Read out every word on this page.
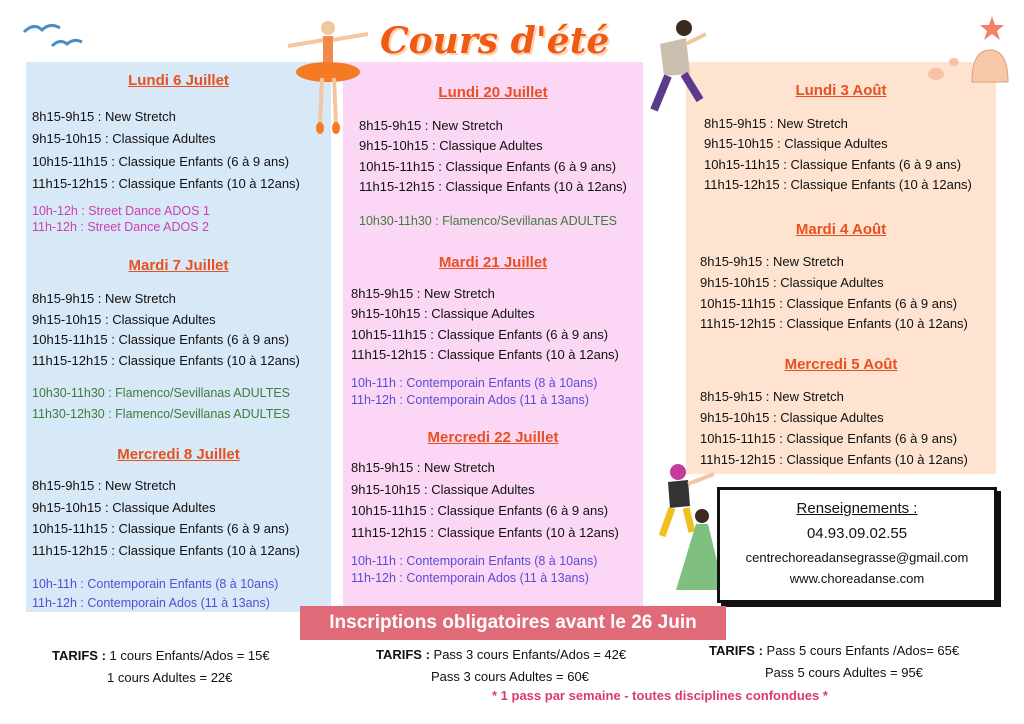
Cours d'été
Lundi 6 Juillet
8h15-9h15 : New Stretch
9h15-10h15 : Classique Adultes
10h15-11h15 : Classique Enfants (6 à 9 ans)
11h15-12h15 : Classique Enfants (10 à 12ans)
10h-12h : Street Dance ADOS 1
11h-12h : Street Dance ADOS 2
Mardi 7 Juillet
8h15-9h15 : New Stretch
9h15-10h15 : Classique Adultes
10h15-11h15 : Classique Enfants (6 à 9 ans)
11h15-12h15 : Classique Enfants (10 à 12ans)
10h30-11h30 : Flamenco/Sevillanas ADULTES
11h30-12h30 : Flamenco/Sevillanas ADULTES
Mercredi 8 Juillet
8h15-9h15 : New Stretch
9h15-10h15 : Classique Adultes
10h15-11h15 : Classique Enfants (6 à 9 ans)
11h15-12h15 : Classique Enfants (10 à 12ans)
10h-11h : Contemporain Enfants (8 à 10ans)
11h-12h : Contemporain Ados (11 à 13ans)
Lundi 20 Juillet
8h15-9h15 : New Stretch
9h15-10h15 : Classique Adultes
10h15-11h15 : Classique Enfants (6 à 9 ans)
11h15-12h15 : Classique Enfants (10 à 12ans)
10h30-11h30 : Flamenco/Sevillanas ADULTES
Mardi 21 Juillet
8h15-9h15 : New Stretch
9h15-10h15 : Classique Adultes
10h15-11h15 : Classique Enfants (6 à 9 ans)
11h15-12h15 : Classique Enfants (10 à 12ans)
10h-11h : Contemporain Enfants (8 à 10ans)
11h-12h : Contemporain Ados (11 à 13ans)
Mercredi 22 Juillet
8h15-9h15 : New Stretch
9h15-10h15 : Classique Adultes
10h15-11h15 : Classique Enfants (6 à 9 ans)
11h15-12h15 : Classique Enfants (10 à 12ans)
10h-11h : Contemporain Enfants (8 à 10ans)
11h-12h : Contemporain Ados (11 à 13ans)
Lundi 3 Août
8h15-9h15 : New Stretch
9h15-10h15 : Classique Adultes
10h15-11h15 : Classique Enfants (6 à 9 ans)
11h15-12h15 : Classique Enfants (10 à 12ans)
Mardi 4 Août
8h15-9h15 : New Stretch
9h15-10h15 : Classique Adultes
10h15-11h15 : Classique Enfants (6 à 9 ans)
11h15-12h15 : Classique Enfants (10 à 12ans)
Mercredi 5 Août
8h15-9h15 : New Stretch
9h15-10h15 : Classique Adultes
10h15-11h15 : Classique Enfants (6 à 9 ans)
11h15-12h15 : Classique Enfants (10 à 12ans)
Renseignements :
04.93.09.02.55
centrechoreadansegrasse@gmail.com
www.choreadanse.com
Inscriptions obligatoires avant le 26 Juin
TARIFS : 1 cours Enfants/Ados = 15€
1 cours Adultes = 22€
TARIFS : Pass 3 cours Enfants/Ados = 42€
Pass 3 cours Adultes = 60€
TARIFS : Pass 5 cours Enfants /Ados= 65€
Pass 5 cours Adultes = 95€
* 1 pass par semaine - toutes disciplines confondues *
